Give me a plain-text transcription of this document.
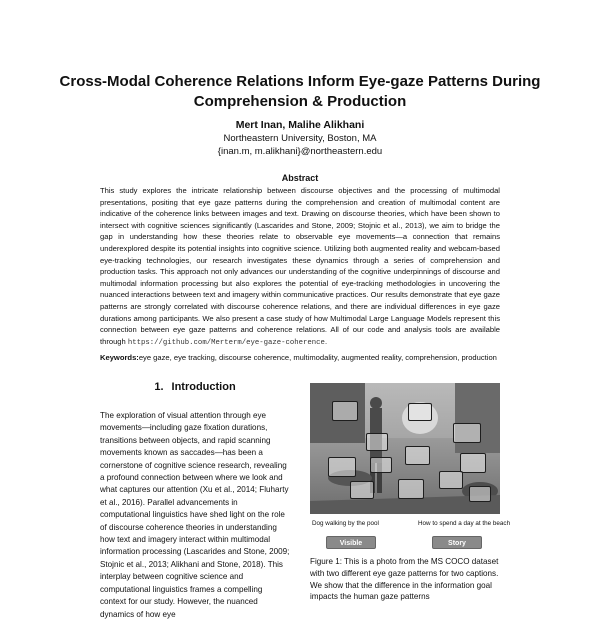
Cross-Modal Coherence Relations Inform Eye-gaze Patterns During Comprehension & Production
Mert Inan, Malihe Alikhani
Northeastern University, Boston, MA
{inan.m, m.alikhani}@northeastern.edu
Abstract
This study explores the intricate relationship between discourse objectives and the processing of multimodal presentations, positing that eye gaze patterns during the comprehension and creation of multimodal content are indicative of the coherence links between images and text. Drawing on discourse theories, which have been shown to intersect with cognitive sciences significantly (Lascarides and Stone, 2009; Stojnic et al., 2013), we aim to bridge the gap in understanding how these theories relate to observable eye movements—a connection that remains underexplored despite its potential insights into cognitive science. Utilizing both augmented reality and webcam-based eye-tracking technologies, our research investigates these dynamics through a series of comprehension and production tasks. This approach not only advances our understanding of the cognitive underpinnings of discourse and multimodal information processing but also explores the potential of eye-tracking methodologies in uncovering the nuanced interactions between text and imagery within communicative practices. Our results demonstrate that eye gaze patterns are strongly correlated with discourse coherence relations, and there are individual differences in eye gaze durations among participants. We also present a case study of how Multimodal Large Language Models represent this connection between eye gaze patterns and coherence relations. All of our code and analysis tools are available through https://github.com/Merterm/eye-gaze-coherence.
Keywords:eye gaze, eye tracking, discourse coherence, multimodality, augmented reality, comprehension, production
1. Introduction
The exploration of visual attention through eye movements—including gaze fixation durations, transitions between objects, and rapid scanning movements known as saccades—has been a cornerstone of cognitive science research, revealing a profound connection between where we look and what captures our attention (Xu et al., 2014; Fluharty et al., 2016). Parallel advancements in computational linguistics have shed light on the role of discourse coherence theories in understanding how text and imagery interact within multimodal information processing (Lascarides and Stone, 2009; Stojnic et al., 2013; Alikhani and Stone, 2018). This interplay between cognitive science and computational linguistics frames a compelling context for our study. However, the nuanced dynamics of how eye
Dog walking by the pool	How to spend a day at the beach
Visible	Story
Figure 1: This is a photo from the MS COCO dataset with two different eye gaze patterns for two captions. We show that the difference in the information goal impacts the human gaze patterns
